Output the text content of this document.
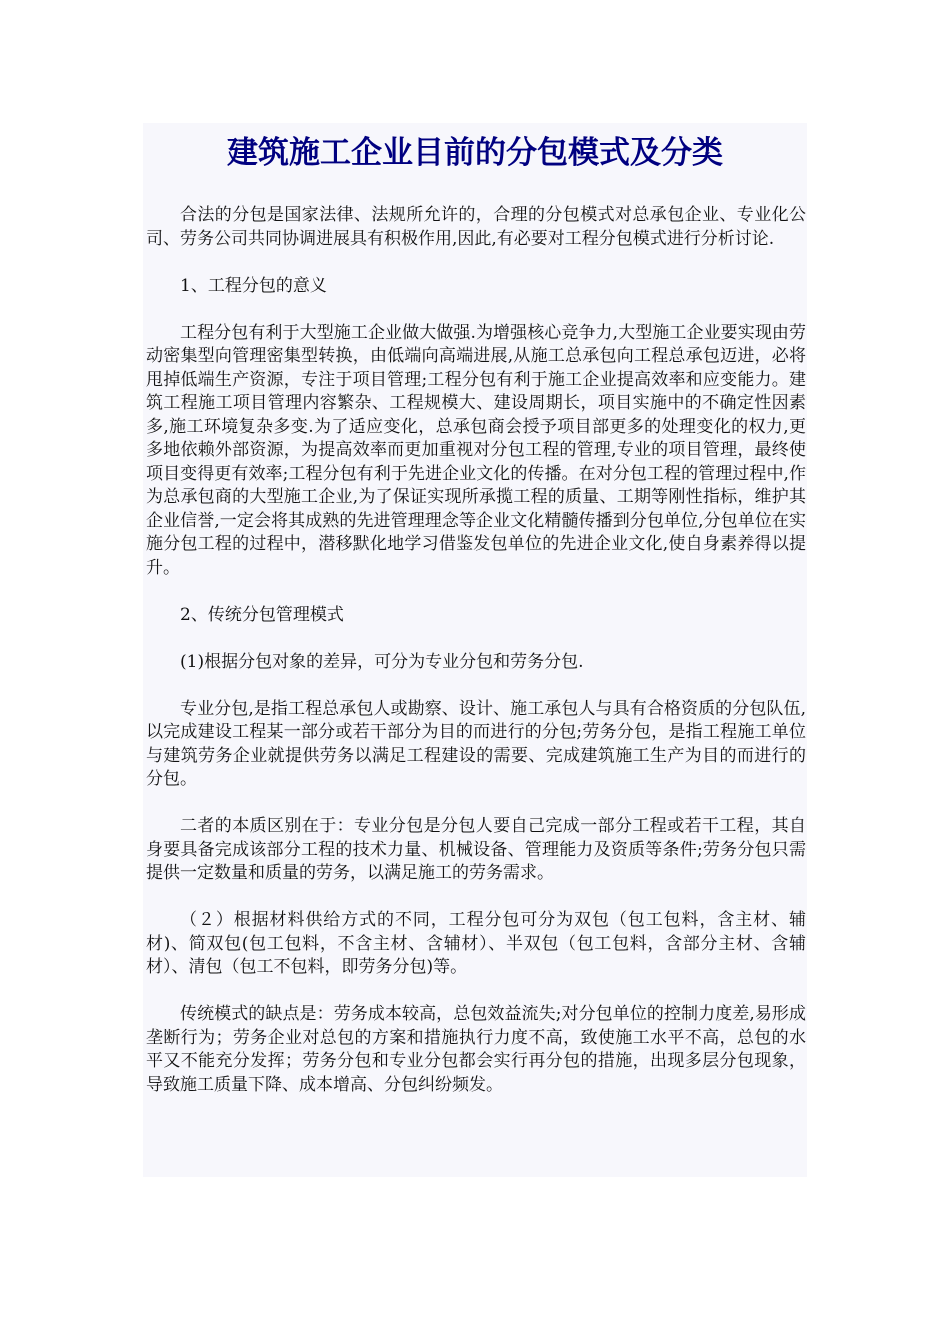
建筑施工企业目前的分包模式及分类

合法的分包是国家法律、法规所允许的，合理的分包模式对总承包企业、专业化公司、劳务公司共同协调进展具有积极作用,因此,有必要对工程分包模式进行分析讨论.

1、工程分包的意义

工程分包有利于大型施工企业做大做强.为增强核心竞争力,大型施工企业要实现由劳动密集型向管理密集型转换，由低端向高端进展,从施工总承包向工程总承包迈进，必将甩掉低端生产资源，专注于项目管理;工程分包有利于施工企业提高效率和应变能力。建筑工程施工项目管理内容繁杂、工程规模大、建设周期长，项目实施中的不确定性因素多,施工环境复杂多变.为了适应变化，总承包商会授予项目部更多的处理变化的权力,更多地依赖外部资源，为提高效率而更加重视对分包工程的管理,专业的项目管理，最终使项目变得更有效率;工程分包有利于先进企业文化的传播。在对分包工程的管理过程中,作为总承包商的大型施工企业,为了保证实现所承揽工程的质量、工期等刚性指标，维护其企业信誉,一定会将其成熟的先进管理理念等企业文化精髓传播到分包单位,分包单位在实施分包工程的过程中，潜移默化地学习借鉴发包单位的先进企业文化,使自身素养得以提升。

2、传统分包管理模式

(1)根据分包对象的差异，可分为专业分包和劳务分包.

专业分包,是指工程总承包人或勘察、设计、施工承包人与具有合格资质的分包队伍,以完成建设工程某一部分或若干部分为目的而进行的分包;劳务分包，是指工程施工单位与建筑劳务企业就提供劳务以满足工程建设的需要、完成建筑施工生产为目的而进行的分包。

二者的本质区别在于：专业分包是分包人要自己完成一部分工程或若干工程，其自身要具备完成该部分工程的技术力量、机械设备、管理能力及资质等条件;劳务分包只需提供一定数量和质量的劳务，以满足施工的劳务需求。

（２）根据材料供给方式的不同，工程分包可分为双包（包工包料，含主材、辅材)、简双包(包工包料，不含主材、含辅材）、半双包（包工包料，含部分主材、含辅材）、清包（包工不包料，即劳务分包)等。

传统模式的缺点是：劳务成本较高，总包效益流失;对分包单位的控制力度差,易形成垄断行为；劳务企业对总包的方案和措施执行力度不高，致使施工水平不高，总包的水平又不能充分发挥；劳务分包和专业分包都会实行再分包的措施，出现多层分包现象，导致施工质量下降、成本增高、分包纠纷频发。
